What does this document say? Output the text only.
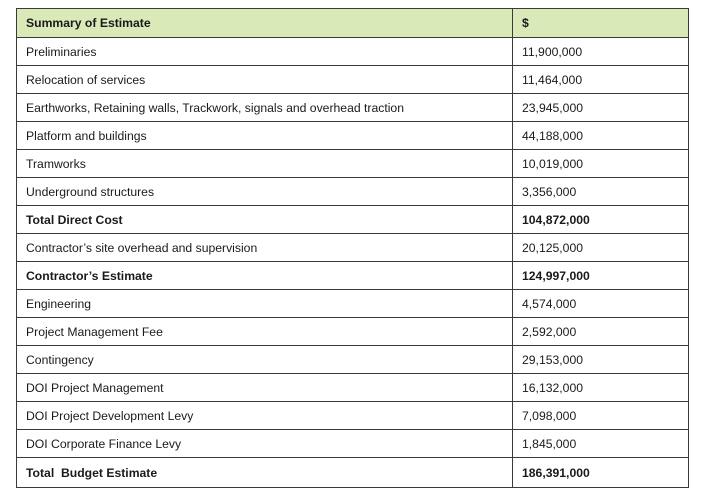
Summary of Estimate	$
Preliminaries	11,900,000
Relocation of services	11,464,000
Earthworks, Retaining walls, Trackwork, signals and overhead traction	23,945,000
Platform and buildings	44,188,000
Tramworks	10,019,000
Underground structures	3,356,000
Total Direct Cost	104,872,000
Contractor’s site overhead and supervision	20,125,000
Contractor’s Estimate	124,997,000
Engineering	4,574,000
Project Management Fee	2,592,000
Contingency	29,153,000
DOI Project Management	16,132,000
DOI Project Development Levy	7,098,000
DOI Corporate Finance Levy	1,845,000
Total  Budget Estimate	186,391,000
